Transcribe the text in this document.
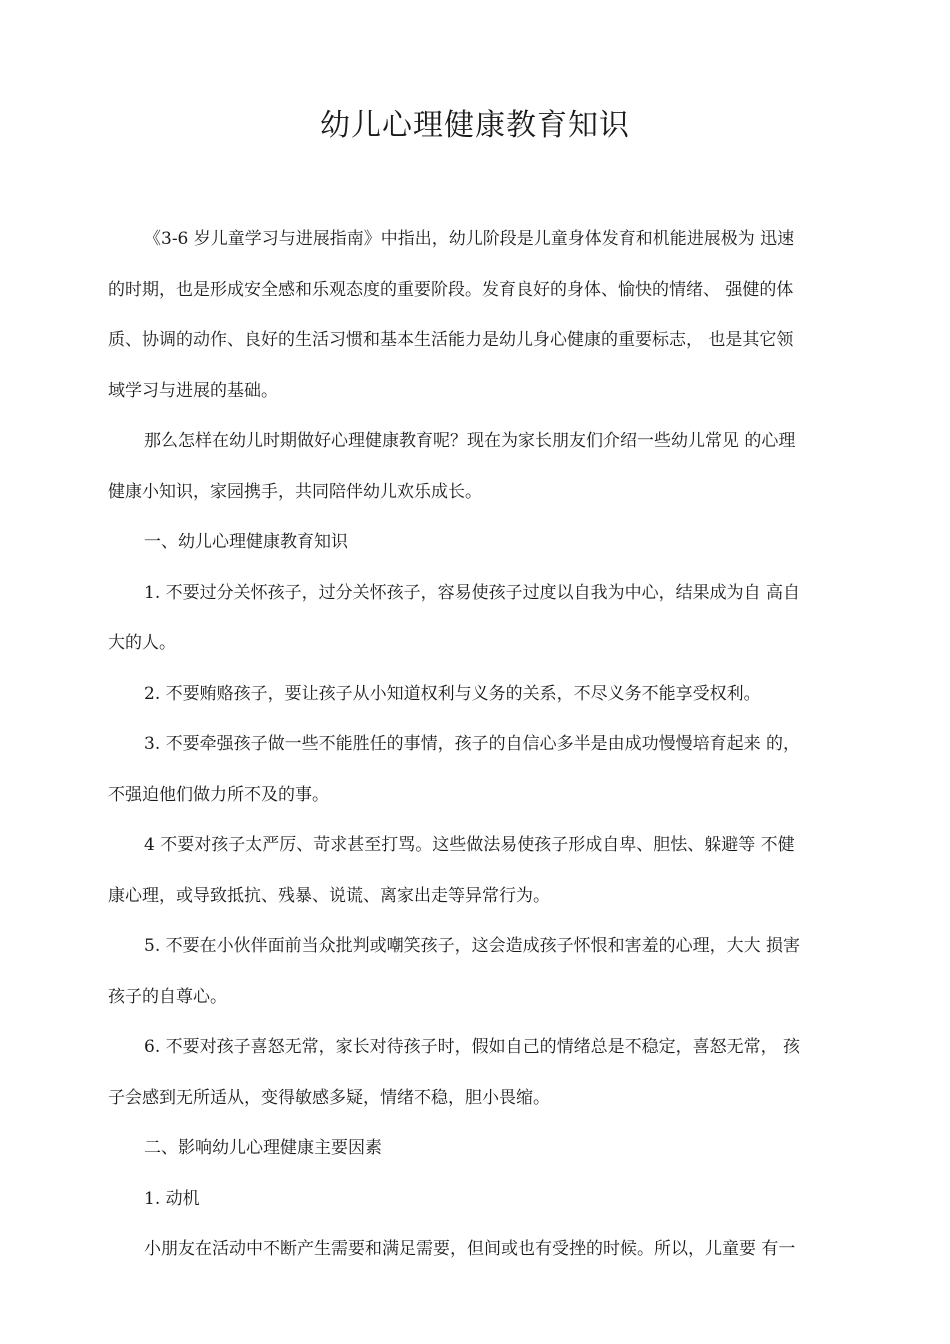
幼儿心理健康教育知识
《3-6 岁儿童学习与进展指南》中指出，幼儿阶段是儿童身体发育和机能进展极为 迅速
的时期，也是形成安全感和乐观态度的重要阶段。发育良好的身体、愉快的情绪、 强健的体
质、协调的动作、良好的生活习惯和基本生活能力是幼儿身心健康的重要标志， 也是其它领
域学习与进展的基础。
那么怎样在幼儿时期做好心理健康教育呢？现在为家长朋友们介绍一些幼儿常见 的心理
健康小知识，家园携手，共同陪伴幼儿欢乐成长。
一、幼儿心理健康教育知识
1. 不要过分关怀孩子，过分关怀孩子，容易使孩子过度以自我为中心，结果成为自 高自
大的人。
2. 不要贿赂孩子，要让孩子从小知道权利与义务的关系，不尽义务不能享受权利。
3. 不要牵强孩子做一些不能胜任的事情，孩子的自信心多半是由成功慢慢培育起来 的，
不强迫他们做力所不及的事。
4 不要对孩子太严厉、苛求甚至打骂。这些做法易使孩子形成自卑、胆怯、躲避等 不健
康心理，或导致抵抗、残暴、说谎、离家出走等异常行为。
5. 不要在小伙伴面前当众批判或嘲笑孩子，这会造成孩子怀恨和害羞的心理，大大 损害
孩子的自尊心。
6. 不要对孩子喜怒无常，家长对待孩子时，假如自己的情绪总是不稳定，喜怒无常， 孩
子会感到无所适从，变得敏感多疑，情绪不稳，胆小畏缩。
二、影响幼儿心理健康主要因素
1. 动机
小朋友在活动中不断产生需要和满足需要，但间或也有受挫的时候。所以，儿童要 有一
